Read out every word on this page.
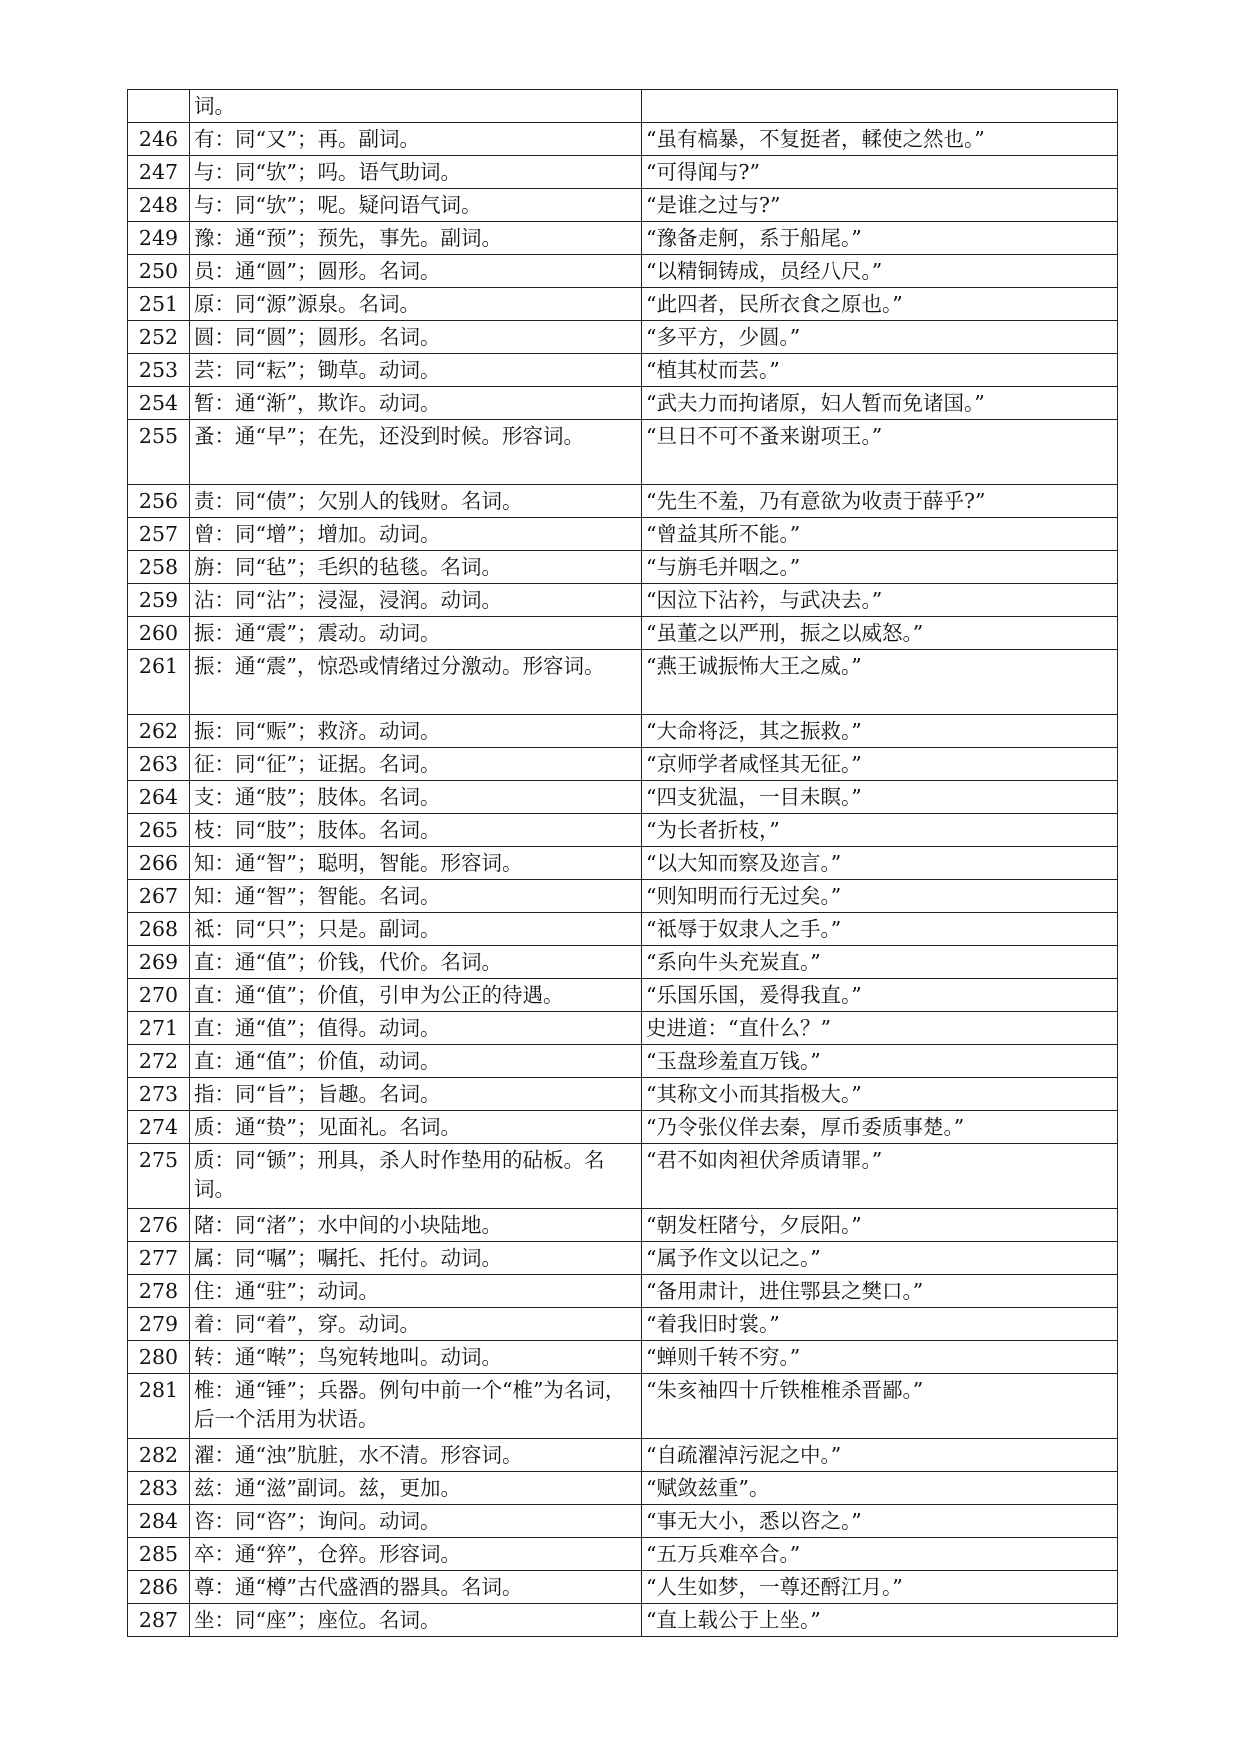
	词。	
246	有：同“又”；再。副词。	“虽有槁暴，不复挺者，輮使之然也。”
247	与：同“欤”；吗。语气助词。	“可得闻与?”
248	与：同“欤”；呢。疑问语气词。	“是谁之过与?”
249	豫：通“预”；预先，事先。副词。	“豫备走舸，系于船尾。”
250	员：通“圆”；圆形。名词。	“以精铜铸成，员经八尺。”
251	原：同“源”源泉。名词。	“此四者，民所衣食之原也。”
252	圆：同“圆”；圆形。名词。	“多平方，少圆。”
253	芸：同“耘”；锄草。动词。	“植其杖而芸。”
254	暂：通“渐”，欺诈。动词。	“武夫力而拘诸原，妇人暂而免诸国。”
255	蚤：通“早”；在先，还没到时候。形容词。	“旦日不可不蚤来谢项王。”
256	责：同“债”；欠别人的钱财。名词。	“先生不羞，乃有意欲为收责于薛乎?”
257	曾：同“增”；增加。动词。	“曾益其所不能。”
258	旃：同“毡”；毛织的毡毯。名词。	“与旃毛并咽之。”
259	沾：同“沾”；浸湿，浸润。动词。	“因泣下沾衿，与武决去。”
260	振：通“震”；震动。动词。	“虽董之以严刑，振之以威怒。”
261	振：通“震”，惊恐或情绪过分激动。形容词。	“燕王诚振怖大王之威。”
262	振：同“赈”；救济。动词。	“大命将泛，其之振救。”
263	征：同“征”；证据。名词。	“京师学者咸怪其无征。”
264	支：通“肢”；肢体。名词。	“四支犹温，一目未瞑。”
265	枝：同“肢”；肢体。名词。	“为长者折枝，”
266	知：通“智”；聪明，智能。形容词。	“以大知而察及迩言。”
267	知：通“智”；智能。名词。	“则知明而行无过矣。”
268	祗：同“只”；只是。副词。	“祗辱于奴隶人之手。”
269	直：通“值”；价钱，代价。名词。	“系向牛头充炭直。”
270	直：通“值”；价值，引申为公正的待遇。	“乐国乐国，爰得我直。”
271	直：通“值”；值得。动词。	史进道：“直什么？”
272	直：通“值”；价值，动词。	“玉盘珍羞直万钱。”
273	指：同“旨”；旨趣。名词。	“其称文小而其指极大。”
274	质：通“贽”；见面礼。名词。	“乃令张仪佯去秦，厚币委质事楚。”
275	质：同“锧”；刑具，杀人时作垫用的砧板。名词。	“君不如肉袒伏斧质请罪。”
276	陼：同“渚”；水中间的小块陆地。	“朝发枉陼兮，夕辰阳。”
277	属：同“嘱”；嘱托、托付。动词。	“属予作文以记之。”
278	住：通“驻”；动词。	“备用肃计，进住鄂县之樊口。”
279	着：同“着”，穿。动词。	“着我旧时裳。”
280	转：通“啭”；鸟宛转地叫。动词。	“蝉则千转不穷。”
281	椎：通“锤”；兵器。例句中前一个“椎”为名词，后一个活用为状语。	“朱亥袖四十斤铁椎椎杀晋鄙。”
282	濯：通“浊”肮脏，水不清。形容词。	“自疏濯淖污泥之中。”
283	兹：通“滋”副词。兹，更加。	“赋敛兹重”。
284	咨：同“咨”；询问。动词。	“事无大小，悉以咨之。”
285	卒：通“猝”，仓猝。形容词。	“五万兵难卒合。”
286	尊：通“樽”古代盛酒的器具。名词。	“人生如梦，一尊还酹江月。”
287	坐：同“座”；座位。名词。	“直上载公于上坐。”
